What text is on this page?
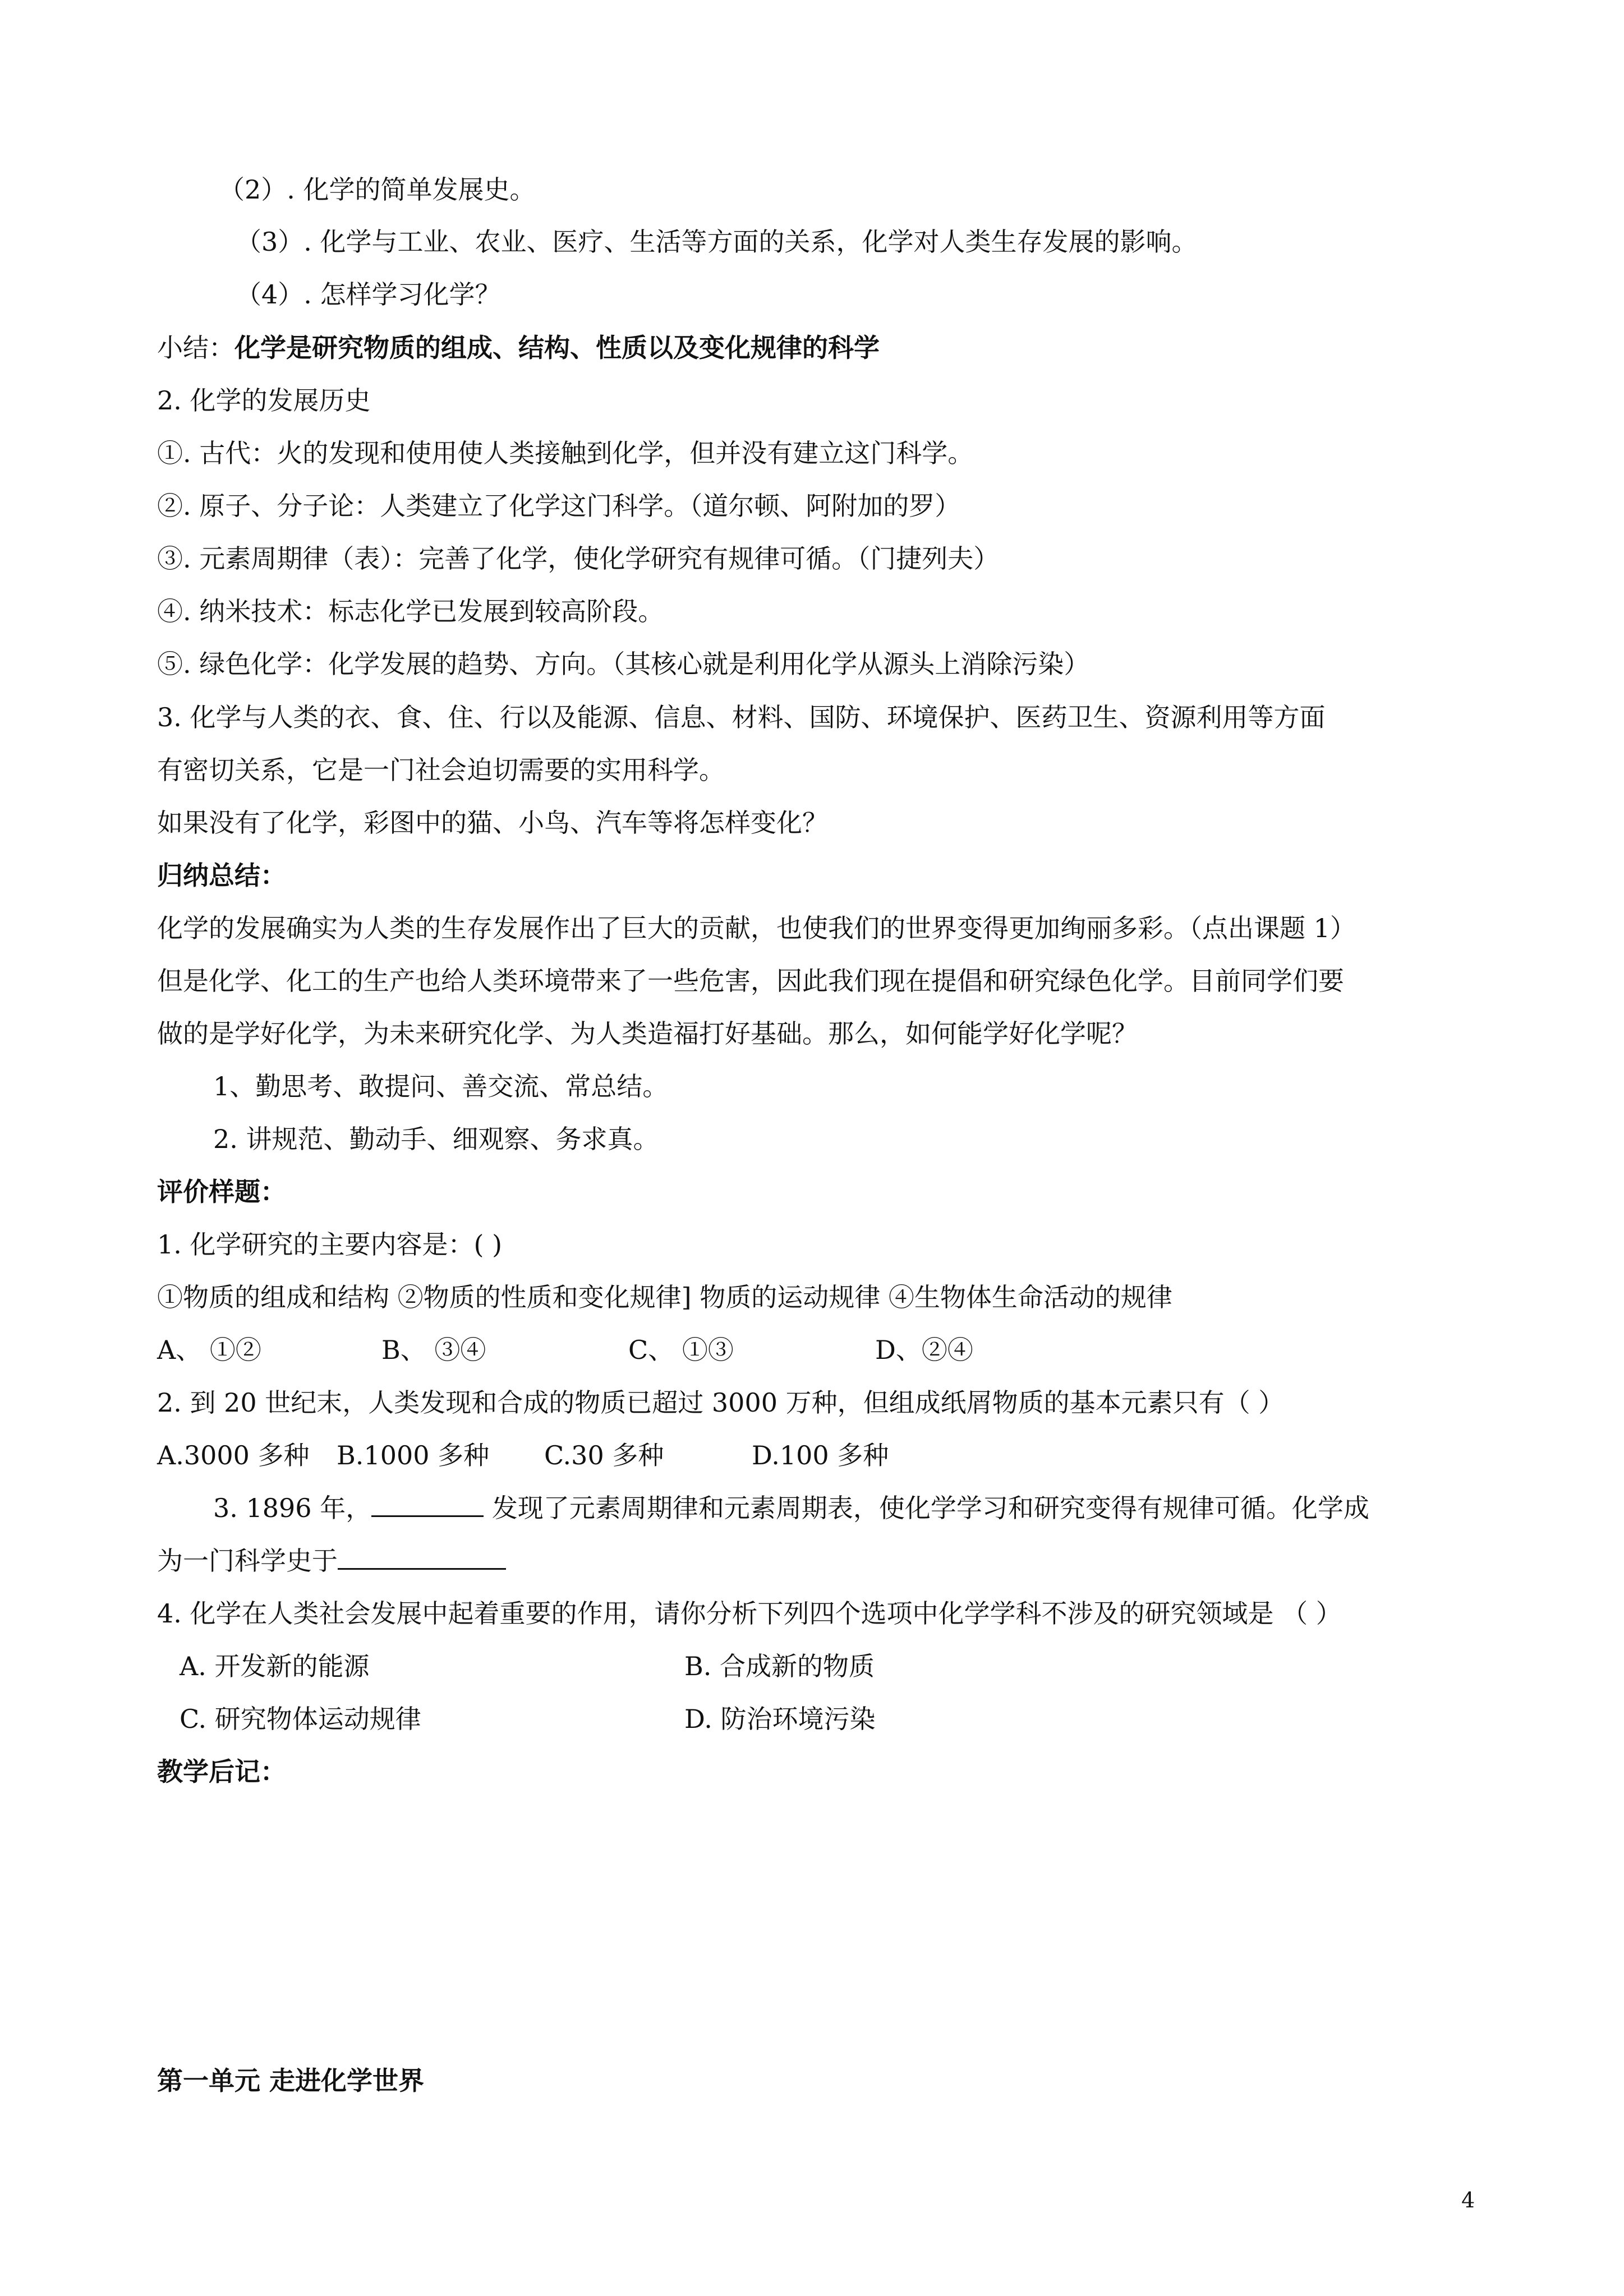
（2）. 化学的简单发展史。
（3）. 化学与工业、农业、医疗、生活等方面的关系，化学对人类生存发展的影响。
（4）. 怎样学习化学？
小结：化学是研究物质的组成、结构、性质以及变化规律的科学
2. 化学的发展历史
①. 古代：火的发现和使用使人类接触到化学，但并没有建立这门科学。
②. 原子、分子论：人类建立了化学这门科学。（道尔顿、阿附加的罗）
③. 元素周期律（表）：完善了化学，使化学研究有规律可循。（门捷列夫）
④. 纳米技术：标志化学已发展到较高阶段。
⑤. 绿色化学：化学发展的趋势、方向。（其核心就是利用化学从源头上消除污染）
3. 化学与人类的衣、食、住、行以及能源、信息、材料、国防、环境保护、医药卫生、资源利用等方面
有密切关系，它是一门社会迫切需要的实用科学。
如果没有了化学，彩图中的猫、小鸟、汽车等将怎样变化？
归纳总结：
化学的发展确实为人类的生存发展作出了巨大的贡献，也使我们的世界变得更加绚丽多彩。（点出课题 1）
但是化学、化工的生产也给人类环境带来了一些危害，因此我们现在提倡和研究绿色化学。目前同学们要
做的是学好化学，为未来研究化学、为人类造福打好基础。那么，如何能学好化学呢？
1、勤思考、敢提问、善交流、常总结。
2. 讲规范、勤动手、细观察、务求真。
评价样题：
1. 化学研究的主要内容是：( )
①物质的组成和结构 ②物质的性质和变化规律] 物质的运动规律 ④生物体生命活动的规律
A、 ①②	B、 ③④	C、 ①③	D、②④
2. 到 20 世纪末，人类发现和合成的物质已超过 3000 万种，但组成纸屑物质的基本元素只有（ ）
A.3000 多种 B.1000 多种 C.30 多种	D.100 多种
3. 1896 年，	发现了元素周期律和元素周期表，使化学学习和研究变得有规律可循。化学成
为一门科学史于
4. 化学在人类社会发展中起着重要的作用，请你分析下列四个选项中化学学科不涉及的研究领域是 （ ）
A. 开发新的能源	B. 合成新的物质
C. 研究物体运动规律	D. 防治环境污染
教学后记：
第一单元 走进化学世界
4
